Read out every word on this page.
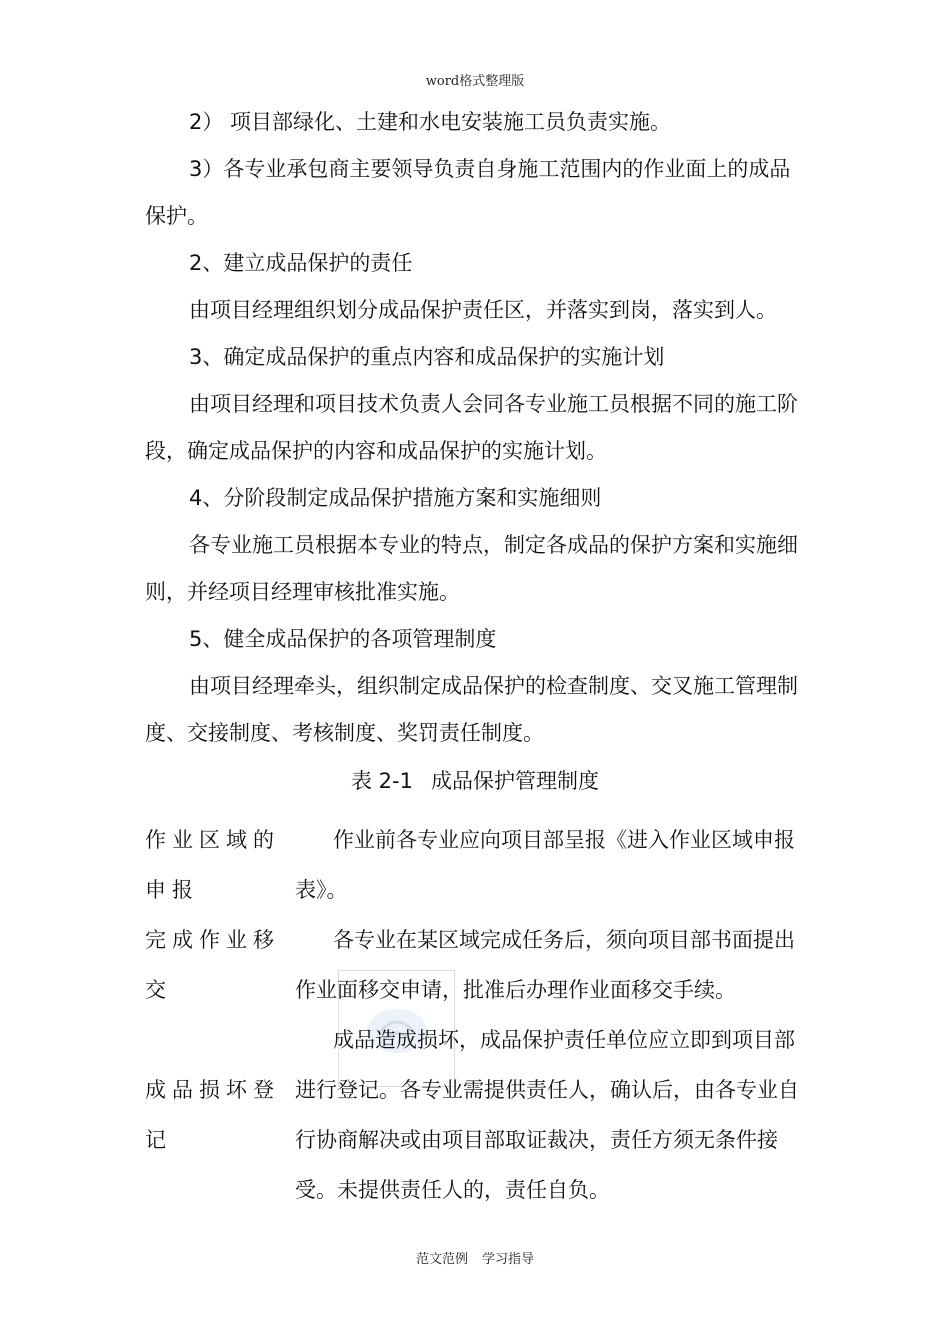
word格式整理版

2） 项目部绿化、土建和水电安装施工员负责实施。

3）各专业承包商主要领导负责自身施工范围内的作业面上的成品保护。

2、建立成品保护的责任

由项目经理组织划分成品保护责任区，并落实到岗，落实到人。

3、确定成品保护的重点内容和成品保护的实施计划

由项目经理和项目技术负责人会同各专业施工员根据不同的施工阶段，确定成品保护的内容和成品保护的实施计划。

4、分阶段制定成品保护措施方案和实施细则

各专业施工员根据本专业的特点，制定各成品的保护方案和实施细则，并经项目经理审核批准实施。

5、健全成品保护的各项管理制度

由项目经理牵头，组织制定成品保护的检查制度、交叉施工管理制度、交接制度、考核制度、奖罚责任制度。

表 2-1 成品保护管理制度
作业区域的申报
作业前各专业应向项目部呈报《进入作业区域申报表》。
完成作业移交
各专业在某区域完成任务后，须向项目部书面提出作业面移交申请，批准后办理作业面移交手续。
成品损坏登记
成品造成损坏，成品保护责任单位应立即到项目部进行登记。各专业需提供责任人，确认后，由各专业自行协商解决或由项目部取证裁决，责任方须无条件接受。未提供责任人的，责任自负。
范文范例 学习指导
